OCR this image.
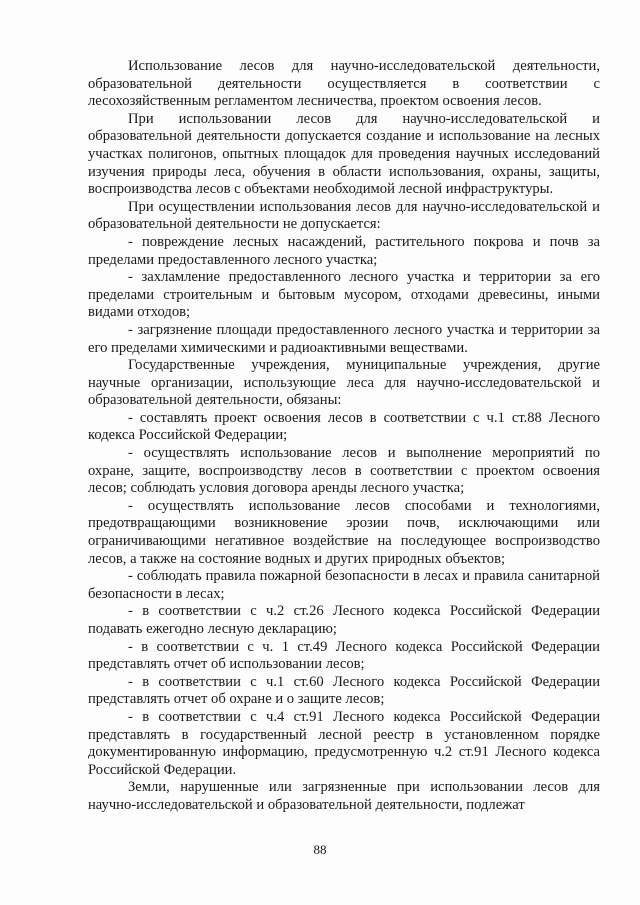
Использование лесов для научно-исследовательской деятельности, образовательной деятельности осуществляется в соответствии с лесохозяйственным регламентом лесничества, проектом освоения лесов.

При использовании лесов для научно-исследовательской и образовательной деятельности допускается создание и использование на лесных участках полигонов, опытных площадок для проведения научных исследований изучения природы леса, обучения в области использования, охраны, защиты, воспроизводства лесов с объектами необходимой лесной инфраструктуры.

При осуществлении использования лесов для научно-исследовательской и образовательной деятельности не допускается:

- повреждение лесных насаждений, растительного покрова и почв за пределами предоставленного лесного участка;

- захламление предоставленного лесного участка и территории за его пределами строительным и бытовым мусором, отходами древесины, иными видами отходов;

- загрязнение площади предоставленного лесного участка и территории за его пределами химическими и радиоактивными веществами.

Государственные учреждения, муниципальные учреждения, другие научные организации, использующие леса для научно-исследовательской и образовательной деятельности, обязаны:

- составлять проект освоения лесов в соответствии с ч.1 ст.88 Лесного кодекса Российской Федерации;

- осуществлять использование лесов и выполнение мероприятий по охране, защите, воспроизводству лесов в соответствии с проектом освоения лесов; соблюдать условия договора аренды лесного участка;

- осуществлять использование лесов способами и технологиями, предотвращающими возникновение эрозии почв, исключающими или ограничивающими негативное воздействие на последующее воспроизводство лесов, а также на состояние водных и других природных объектов;

- соблюдать правила пожарной безопасности в лесах и правила санитарной безопасности в лесах;

- в соответствии с ч.2 ст.26 Лесного кодекса Российской Федерации подавать ежегодно лесную декларацию;

- в соответствии с ч. 1 ст.49 Лесного кодекса Российской Федерации представлять отчет об использовании лесов;

- в соответствии с ч.1 ст.60 Лесного кодекса Российской Федерации представлять отчет об охране и о защите лесов;

- в соответствии с ч.4 ст.91 Лесного кодекса Российской Федерации представлять в государственный лесной реестр в установленном порядке документированную информацию, предусмотренную ч.2 ст.91 Лесного кодекса Российской Федерации.

Земли, нарушенные или загрязненные при использовании лесов для научно-исследовательской и образовательной деятельности, подлежат

88
